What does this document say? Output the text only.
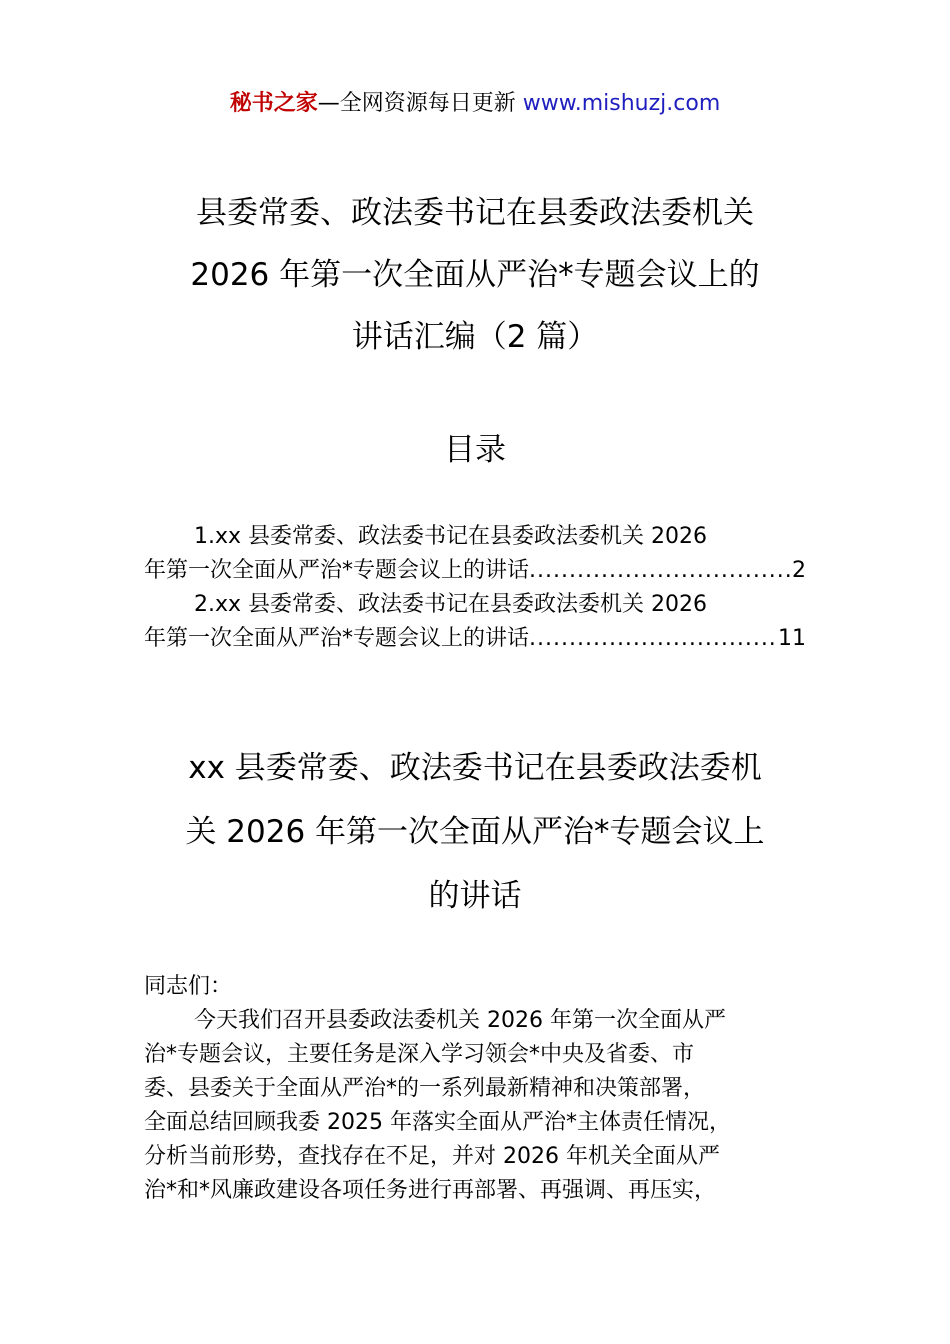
秘书之家—全网资源每日更新 www.mishuzj.com
县委常委、政法委书记在县委政法委机关
2026 年第一次全面从严治*专题会议上的
讲话汇编（2 篇）
目录
1.xx 县委常委、政法委书记在县委政法委机关 2026
年第一次全面从严治*专题会议上的讲话 .....	2
2.xx 县委常委、政法委书记在县委政法委机关 2026
年第一次全面从严治*专题会议上的讲话 .....	11
xx 县委常委、政法委书记在县委政法委机
关 2026 年第一次全面从严治*专题会议上
的讲话
同志们：
今天我们召开县委政法委机关 2026 年第一次全面从严
治*专题会议，主要任务是深入学习领会*中央及省委、市
委、县委关于全面从严治*的一系列最新精神和决策部署，
全面总结回顾我委 2025 年落实全面从严治*主体责任情况，
分析当前形势，查找存在不足，并对 2026 年机关全面从严
治*和*风廉政建设各项任务进行再部署、再强调、再压实，
